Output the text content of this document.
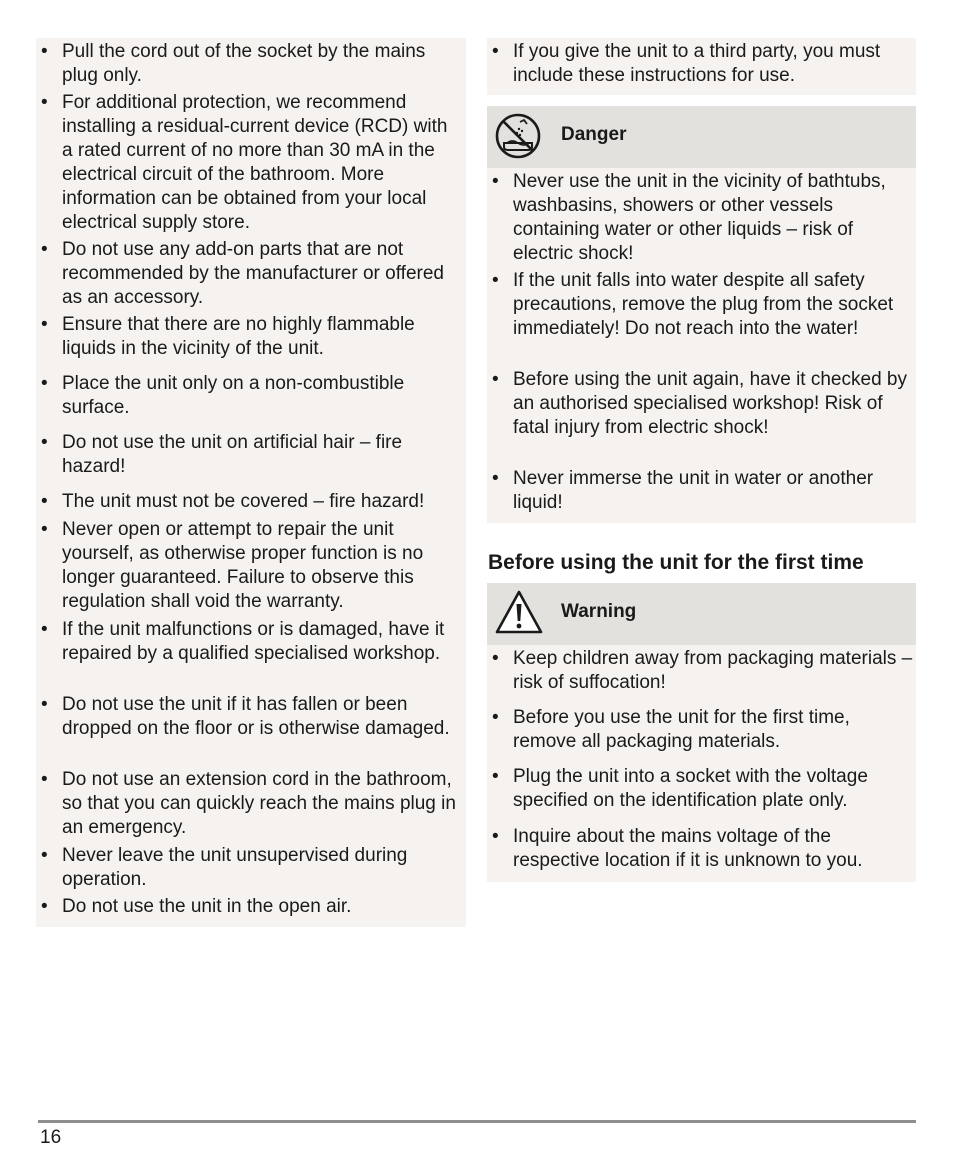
• Pull the cord out of the socket by the mains plug only.
• For additional protection, we recommend installing a residual-current device (RCD) with a rated current of no more than 30 mA in the electrical circuit of the bathroom. More information can be obtained from your local electrical supply store.
• Do not use any add-on parts that are not recommended by the manufacturer or offered as an accessory.
• Ensure that there are no highly flammable liquids in the vicinity of the unit.
• Place the unit only on a non-combustible surface.
• Do not use the unit on artificial hair – fire hazard!
• The unit must not be covered – fire hazard!
• Never open or attempt to repair the unit yourself, as otherwise proper function is no longer guaranteed. Failure to observe this regulation shall void the warranty.
• If the unit malfunctions or is damaged, have it repaired by a qualified specialised workshop.
• Do not use the unit if it has fallen or been dropped on the floor or is otherwise damaged.
• Do not use an extension cord in the bathroom, so that you can quickly reach the mains plug in an emergency.
• Never leave the unit unsupervised during operation.
• Do not use the unit in the open air.
• If you give the unit to a third party, you must include these instructions for use.
Danger
• Never use the unit in the vicinity of bathtubs, washbasins, showers or other vessels containing water or other liquids – risk of electric shock!
• If the unit falls into water despite all safety precautions, remove the plug from the socket immediately! Do not reach into the water!
• Before using the unit again, have it checked by an authorised specialised workshop! Risk of fatal injury from electric shock!
• Never immerse the unit in water or another liquid!
Before using the unit for the first time
Warning
• Keep children away from packaging materials – risk of suffocation!
• Before you use the unit for the first time, remove all packaging materials.
• Plug the unit into a socket with the voltage specified on the identification plate only.
• Inquire about the mains voltage of the respective location if it is unknown to you.
16
